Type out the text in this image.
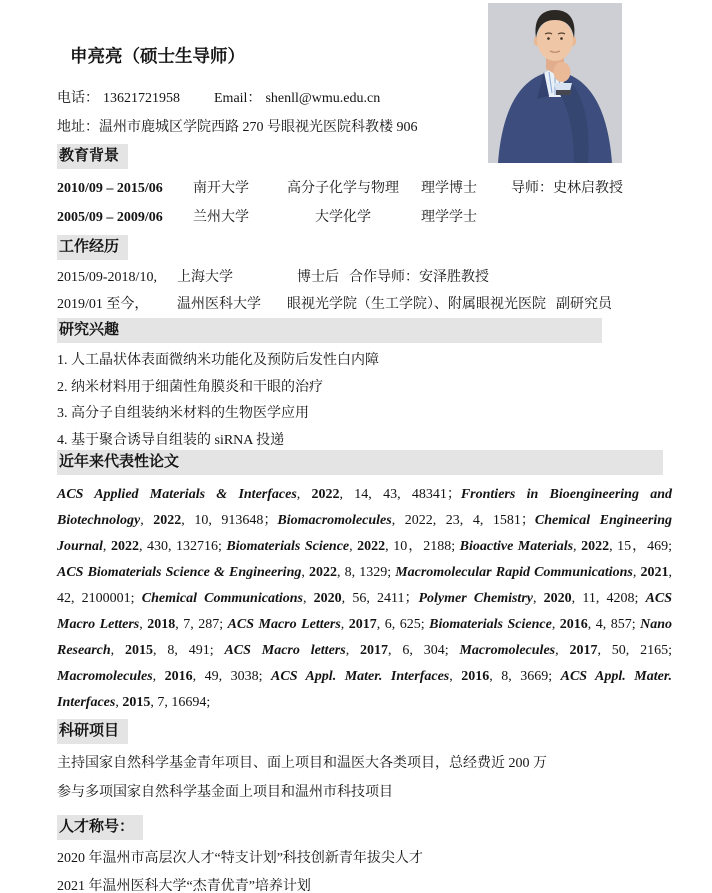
申亮亮（硕士生导师）
电话： 13621721958 Email： shenll@wmu.edu.cn
地址：温州市鹿城区学院西路 270 号眼视光医院科教楼 906
教育背景
2010/09 – 2015/06 南开大学	高分子化学与物理 理学博士 导师：史林启教授
2005/09 – 2009/06 兰州大学	大学化学	理学学士
工作经历
2015/09-2018/10, 上海大学	博士后 合作导师：安泽胜教授
2019/01 至今， 温州医科大学 眼视光学院（生工学院）、附属眼视光医院 副研究员
研究兴趣
1. 人工晶状体表面微纳米功能化及预防后发性白内障
2. 纳米材料用于细菌性角膜炎和干眼的治疗
3. 高分子自组装纳米材料的生物医学应用
4. 基于聚合诱导自组装的 siRNA 投递
近年来代表性论文

ACS Applied Materials & Interfaces, 2022, 14, 43, 48341；Frontiers in Bioengineering and Biotechnology, 2022, 10, 913648；Biomacromolecules, 2022, 23, 4, 1581；Chemical Engineering Journal, 2022, 430, 132716; Biomaterials Science, 2022, 10，2188; Bioactive Materials, 2022, 15，469; ACS Biomaterials Science & Engineering, 2022, 8, 1329; Macromolecular Rapid Communications, 2021, 42, 2100001; Chemical Communications, 2020, 56, 2411；Polymer Chemistry, 2020, 11, 4208; ACS Macro Letters, 2018, 7, 287; ACS Macro Letters, 2017, 6, 625; Biomaterials Science, 2016, 4, 857; Nano Research, 2015, 8, 491; ACS Macro letters, 2017, 6, 304; Macromolecules, 2017, 50, 2165; Macromolecules, 2016, 49, 3038; ACS Appl. Mater. Interfaces, 2016, 8, 3669; ACS Appl. Mater. Interfaces, 2015, 7, 16694;

科研项目
主持国家自然科学基金青年项目、面上项目和温医大各类项目，总经费近 200 万
参与多项国家自然科学基金面上项目和温州市科技项目
人才称号：
2020 年温州市高层次人才“特支计划”科技创新青年拔尖人才
2021 年温州医科大学“杰青优青”培养计划
